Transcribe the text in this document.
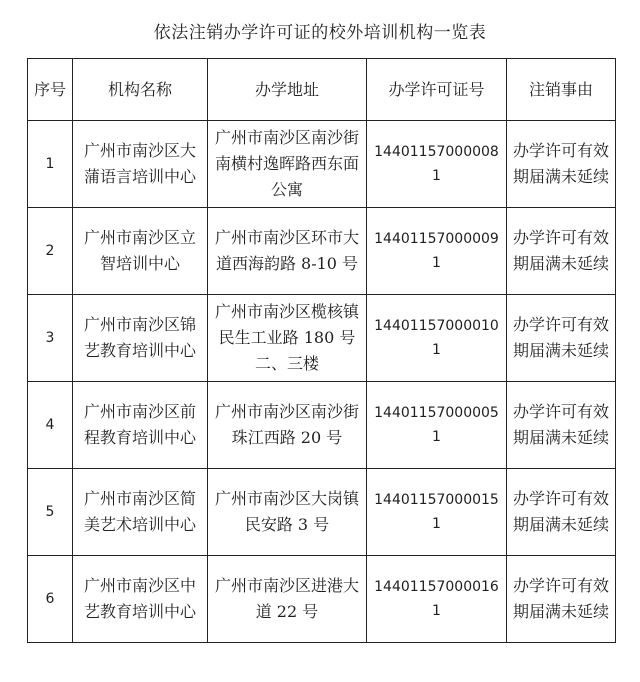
依法注销办学许可证的校外培训机构一览表
序号	机构名称	办学地址	办学许可证号	注销事由
1	广州市南沙区大蒲语言培训中心	广州市南沙区南沙街南横村逸晖路西东面公寓	144011570000081	办学许可有效期届满未延续
2	广州市南沙区立智培训中心	广州市南沙区环市大道西海韵路 8-10 号	144011570000091	办学许可有效期届满未延续
3	广州市南沙区锦艺教育培训中心	广州市南沙区榄核镇民生工业路 180 号二、三楼	144011570000101	办学许可有效期届满未延续
4	广州市南沙区前程教育培训中心	广州市南沙区南沙街珠江西路 20 号	144011570000051	办学许可有效期届满未延续
5	广州市南沙区简美艺术培训中心	广州市南沙区大岗镇民安路 3 号	144011570000151	办学许可有效期届满未延续
6	广州市南沙区中艺教育培训中心	广州市南沙区进港大道 22 号	144011570000161	办学许可有效期届满未延续
